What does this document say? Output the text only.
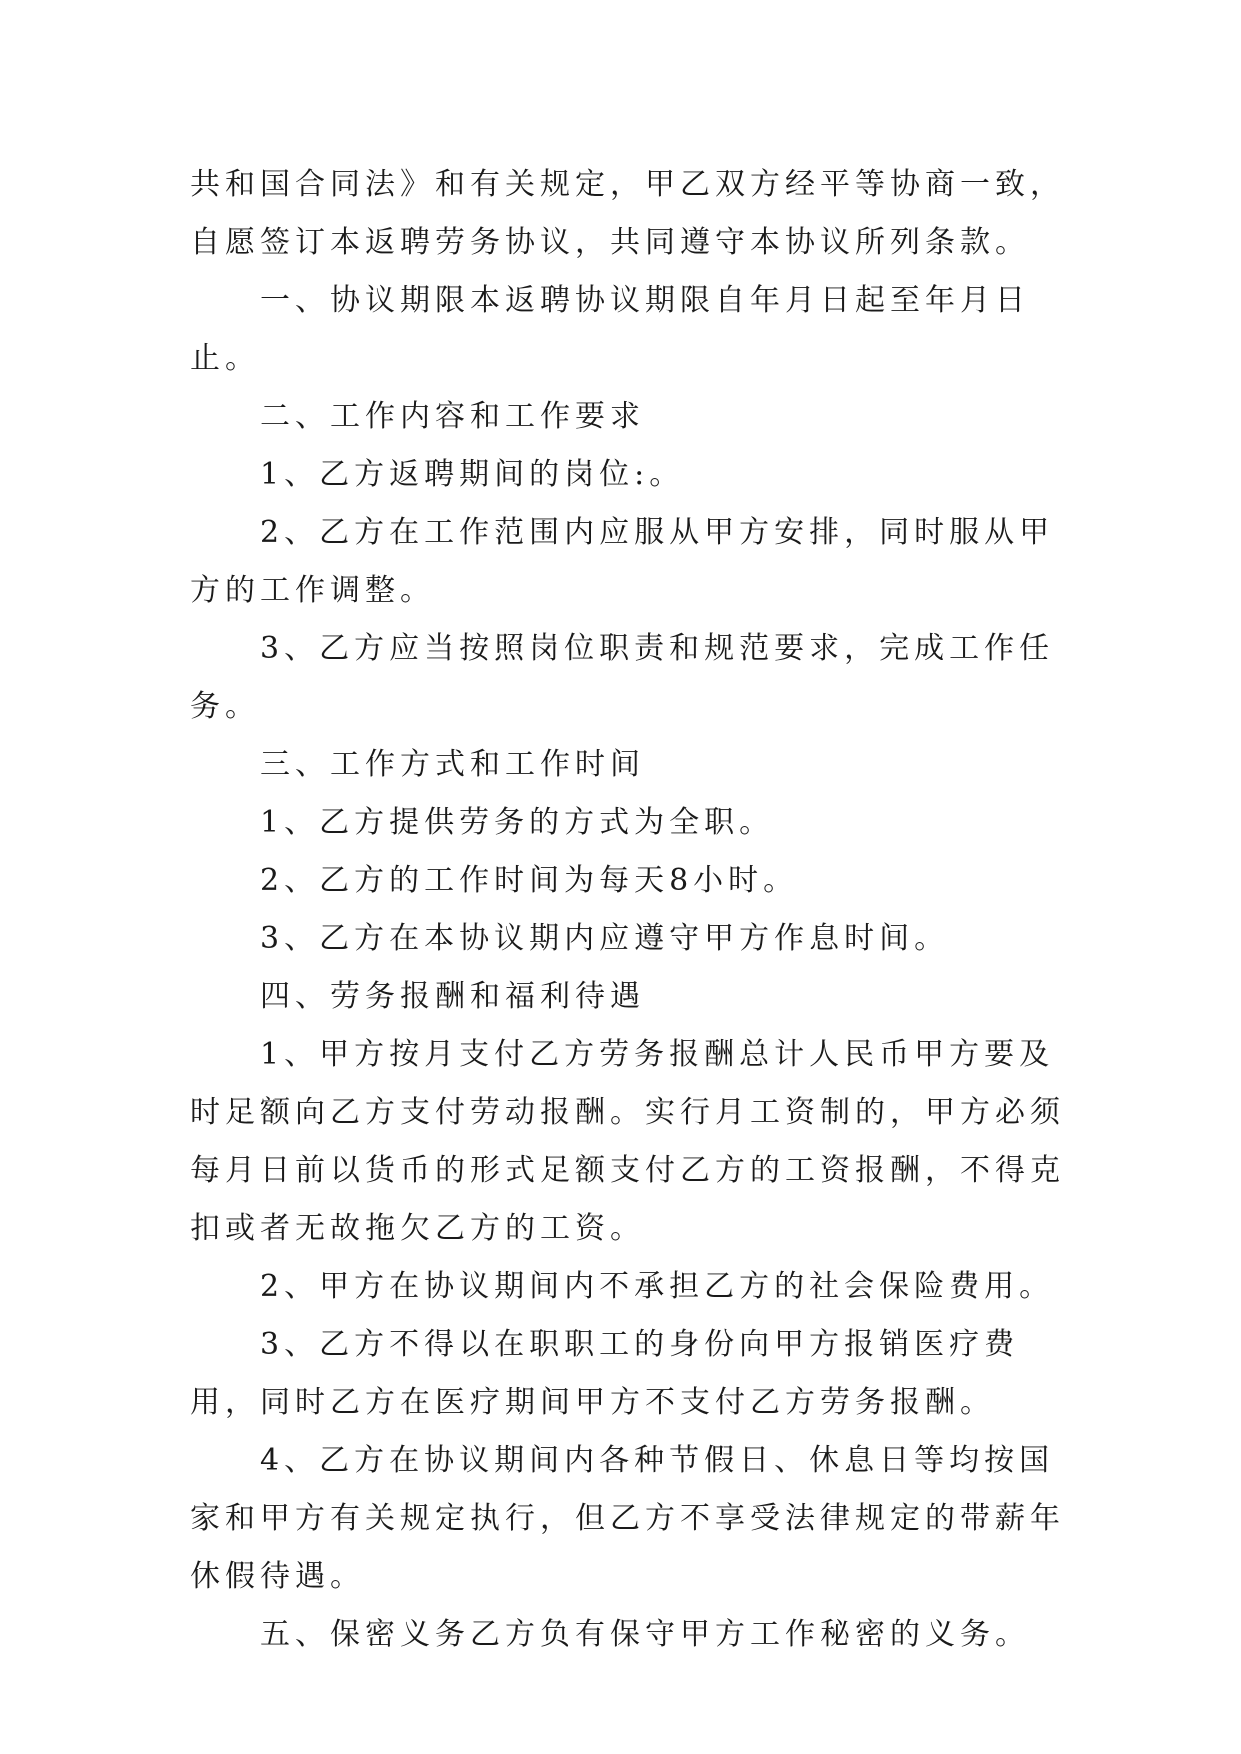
共和国合同法》和有关规定，甲乙双方经平等协商一致，自愿签订本返聘劳务协议，共同遵守本协议所列条款。

一、协议期限本返聘协议期限自年月日起至年月日止。

二、工作内容和工作要求

1、乙方返聘期间的岗位:。

2、乙方在工作范围内应服从甲方安排，同时服从甲方的工作调整。

3、乙方应当按照岗位职责和规范要求，完成工作任务。

三、工作方式和工作时间

1、乙方提供劳务的方式为全职。

2、乙方的工作时间为每天8小时。

3、乙方在本协议期内应遵守甲方作息时间。

四、劳务报酬和福利待遇

1、甲方按月支付乙方劳务报酬总计人民币甲方要及时足额向乙方支付劳动报酬。实行月工资制的，甲方必须每月日前以货币的形式足额支付乙方的工资报酬，不得克扣或者无故拖欠乙方的工资。

2、甲方在协议期间内不承担乙方的社会保险费用。

3、乙方不得以在职职工的身份向甲方报销医疗费用，同时乙方在医疗期间甲方不支付乙方劳务报酬。

4、乙方在协议期间内各种节假日、休息日等均按国家和甲方有关规定执行，但乙方不享受法律规定的带薪年休假待遇。

五、保密义务乙方负有保守甲方工作秘密的义务。
